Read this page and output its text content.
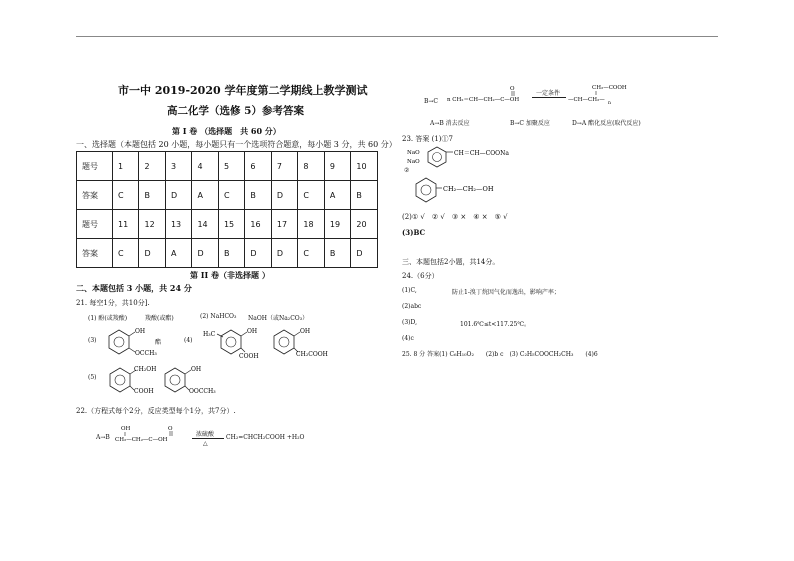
市一中 2019-2020 学年度第二学期线上教学测试
高二化学（选修 5）参考答案
第 I 卷 （选择题　共 60 分）
一、选择题（本题包括 20 小题，每小题只有一个选项符合题意，每小题 3 分，共 60 分）
题号	1	2	3	4	5	6	7	8	9	10
答案	C	B	D	A	C	B	D	C	A	B
题号	11	12	13	14	15	16	17	18	19	20
答案	C	D	A	D	B	D	D	C	B	D
第 II 卷（非选择题 ）
二、本题包括 3 小题，共 24 分
21. 每空1分，共10分].
(1) 酚(或羧酸)	羧酸(或酯)	(2) NaHCO₃ NaOH（或Na₂CO₃）
(3)
OH
OCCH₃
酯	(4)
H₃C	OH
COOH
OH
CH₂COOH
(5)
CH₂OH
COOH
OH
OOCCH₃
22.（方程式每个2分，反应类型每个1分，共7分）.
A→B
OH
CH₂—CH₂—C—OH
O
浓硫酸
△
CH₂=CHCH₂COOH +H₂O
B→C n CH₂＝CH—CH₂—C—OH
O
一定条件
CH₂—COOH
—CH—CH₂—
n
A→B 消去反应	B→C 加聚反应	D→A 酯化反应(取代反应)
23. 答案 (1)①7
NaO
NaO
CH＝CH—COONa
②
CH₂—CH₂—OH
(2)① √　② √　③ ×　④ ×　⑤ √
(3)BC
三、本题包括2小题，共14分。
24.（6分）
(1)C,	防止1-溴丁烷因气化而逸出，影响产率；
(2)abc
(3)D,	101.6℃≤t<117.25℃。
(4)c
25. 8 分 答案(1) C₆H₁₀O₂　　(2)b c　(3) C₂H₅COOCH₂CH₃　　(4)6
